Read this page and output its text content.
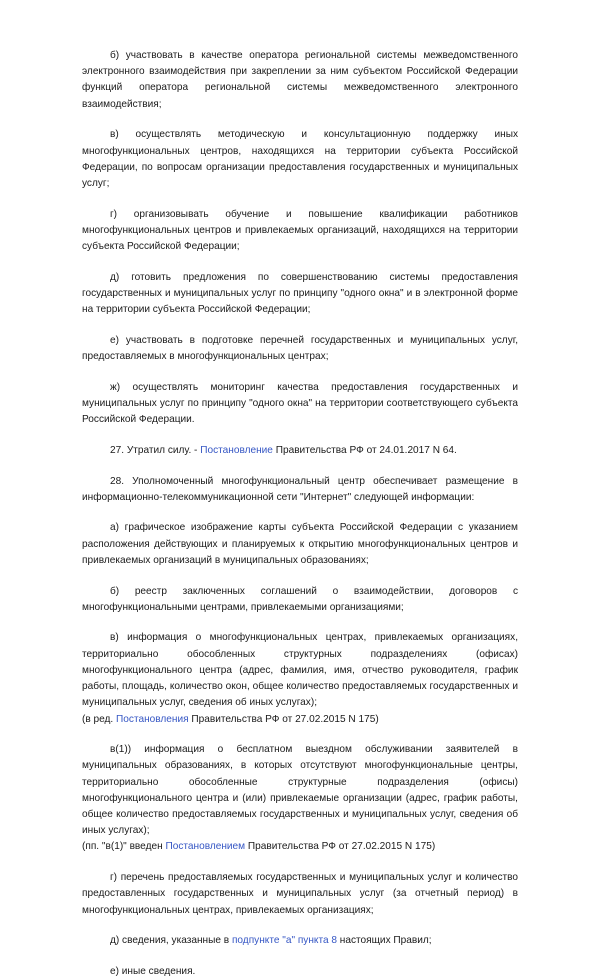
б) участвовать в качестве оператора региональной системы межведомственного электронного взаимодействия при закреплении за ним субъектом Российской Федерации функций оператора региональной системы межведомственного электронного взаимодействия;

в) осуществлять методическую и консультационную поддержку иных многофункциональных центров, находящихся на территории субъекта Российской Федерации, по вопросам организации предоставления государственных и муниципальных услуг;

г) организовывать обучение и повышение квалификации работников многофункциональных центров и привлекаемых организаций, находящихся на территории субъекта Российской Федерации;

д) готовить предложения по совершенствованию системы предоставления государственных и муниципальных услуг по принципу "одного окна" и в электронной форме на территории субъекта Российской Федерации;

е) участвовать в подготовке перечней государственных и муниципальных услуг, предоставляемых в многофункциональных центрах;

ж) осуществлять мониторинг качества предоставления государственных и муниципальных услуг по принципу "одного окна" на территории соответствующего субъекта Российской Федерации.

27. Утратил силу. - Постановление Правительства РФ от 24.01.2017 N 64.

28. Уполномоченный многофункциональный центр обеспечивает размещение в информационно-телекоммуникационной сети "Интернет" следующей информации:

а) графическое изображение карты субъекта Российской Федерации с указанием расположения действующих и планируемых к открытию многофункциональных центров и привлекаемых организаций в муниципальных образованиях;

б) реестр заключенных соглашений о взаимодействии, договоров с многофункциональными центрами, привлекаемыми организациями;

в) информация о многофункциональных центрах, привлекаемых организациях, территориально обособленных структурных подразделениях (офисах) многофункционального центра (адрес, фамилия, имя, отчество руководителя, график работы, площадь, количество окон, общее количество предоставляемых государственных и муниципальных услуг, сведения об иных услугах);

(в ред. Постановления Правительства РФ от 27.02.2015 N 175)

в(1)) информация о бесплатном выездном обслуживании заявителей в муниципальных образованиях, в которых отсутствуют многофункциональные центры, территориально обособленные структурные подразделения (офисы) многофункционального центра и (или) привлекаемые организации (адрес, график работы, общее количество предоставляемых государственных и муниципальных услуг, сведения об иных услугах);

(пп. "в(1)" введен Постановлением Правительства РФ от 27.02.2015 N 175)

г) перечень предоставляемых государственных и муниципальных услуг и количество предоставленных государственных и муниципальных услуг (за отчетный период) в многофункциональных центрах, привлекаемых организациях;

д) сведения, указанные в подпункте "а" пункта 8 настоящих Правил;

е) иные сведения.
